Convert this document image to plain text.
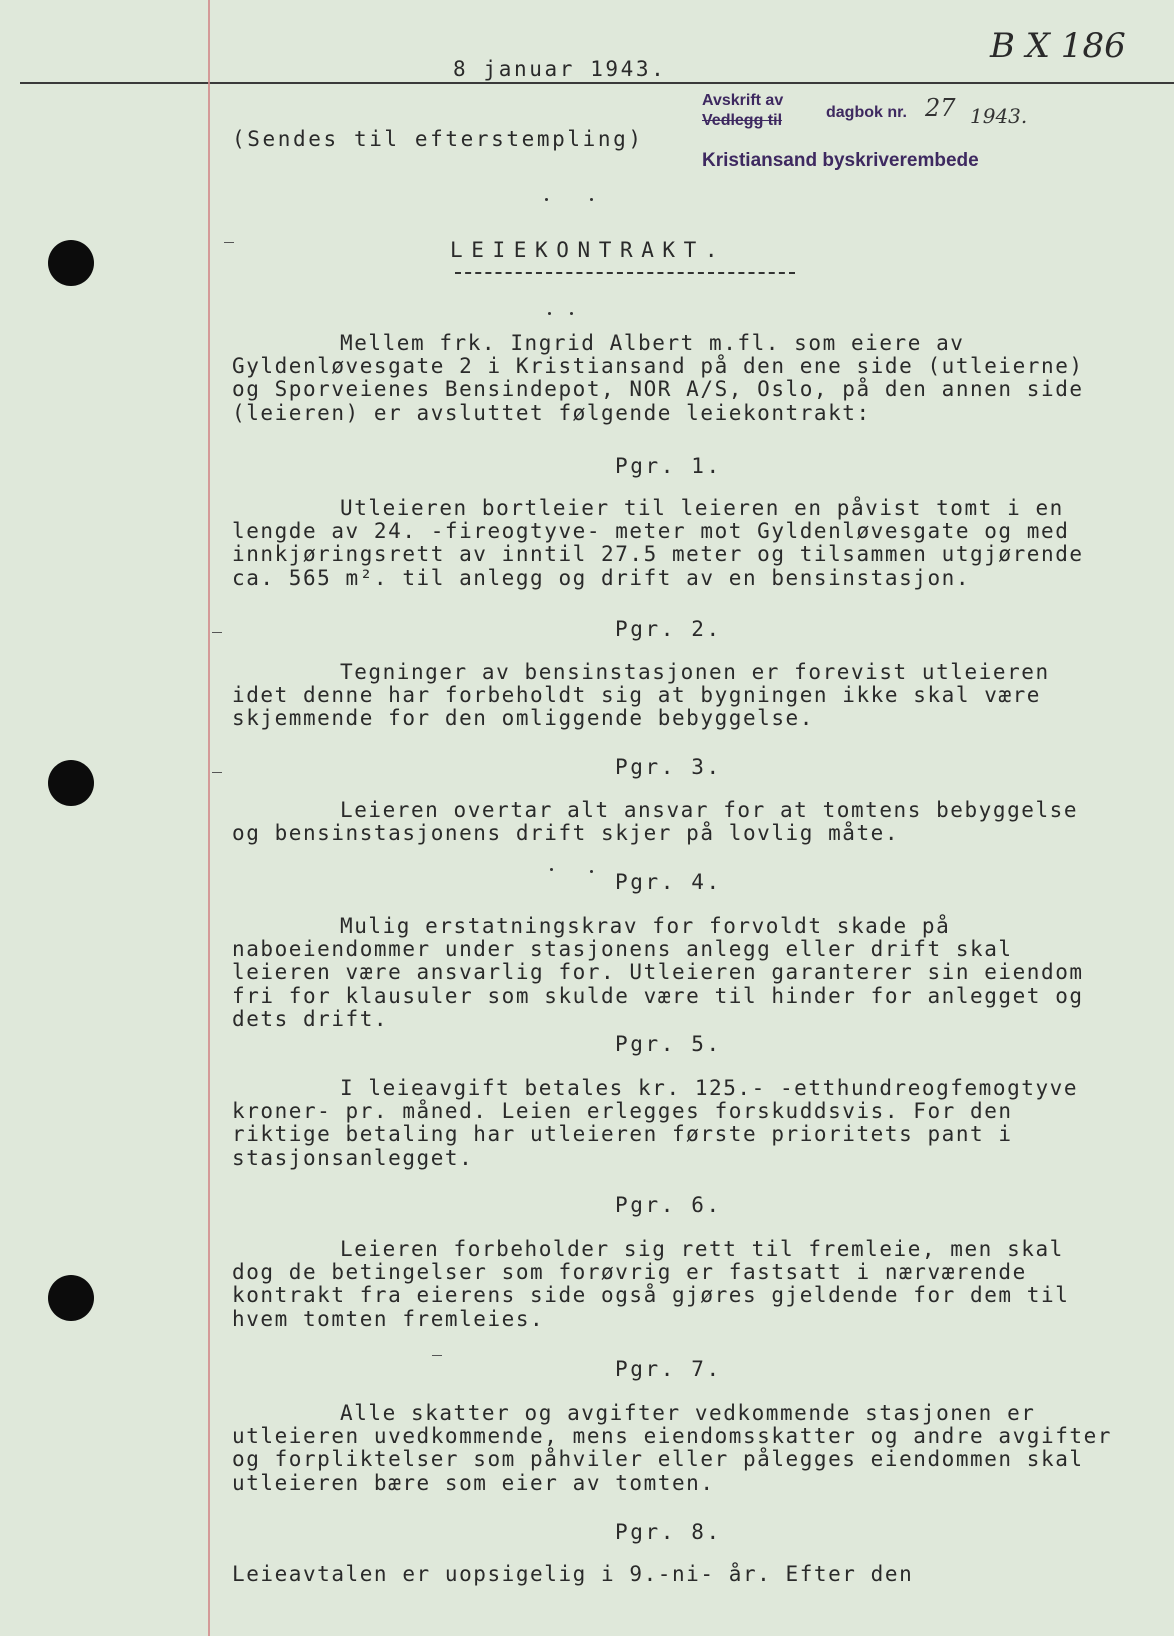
B X 186
8 januar 1943.
Avskrift av
Vedlegg til	dagbok nr. 27 1943.
Kristiansand byskriverembede
(Sendes til efterstempling)
LEIEKONTRAKT.

Mellem frk. Ingrid Albert m.fl. som eiere av Gyldenløvesgate 2 i Kristiansand på den ene side (utleierne) og Sporveienes Bensindepot, NOR A/S, Oslo, på den annen side (leieren) er avsluttet følgende leiekontrakt:

Pgr. 1.

Utleieren bortleier til leieren en påvist tomt i en lengde av 24. -fireogtyve- meter mot Gyldenløvesgate og med innkjøringsrett av inntil 27.5 meter og tilsammen utgjørende ca. 565 m². til anlegg og drift av en bensinstasjon.

Pgr. 2.

Tegninger av bensinstasjonen er forevist utleieren idet denne har forbeholdt sig at bygningen ikke skal være skjemmende for den omliggende bebyggelse.

Pgr. 3.

Leieren overtar alt ansvar for at tomtens bebyggelse og bensinstasjonens drift skjer på lovlig måte.

Pgr. 4.

Mulig erstatningskrav for forvoldt skade på naboeiendommer under stasjonens anlegg eller drift skal leieren være ansvarlig for. Utleieren garanterer sin eiendom fri for klausuler som skulde være til hinder for anlegget og dets drift.

Pgr. 5.

I leieavgift betales kr. 125.- -etthundreogfemogtyve kroner- pr. måned. Leien erlegges forskuddsvis. For den riktige betaling har utleieren første prioritets pant i stasjonsanlegget.

Pgr. 6.

Leieren forbeholder sig rett til fremleie, men skal dog de betingelser som forøvrig er fastsatt i nærværende kontrakt fra eierens side også gjøres gjeldende for dem til hvem tomten fremleies.

Pgr. 7.

Alle skatter og avgifter vedkommende stasjonen er utleieren uvedkommende, mens eiendomsskatter og andre avgifter og forpliktelser som påhviler eller pålegges eiendommen skal utleieren bære som eier av tomten.

Pgr. 8.

Leieavtalen er uopsigelig i 9.-ni- år. Efter den
